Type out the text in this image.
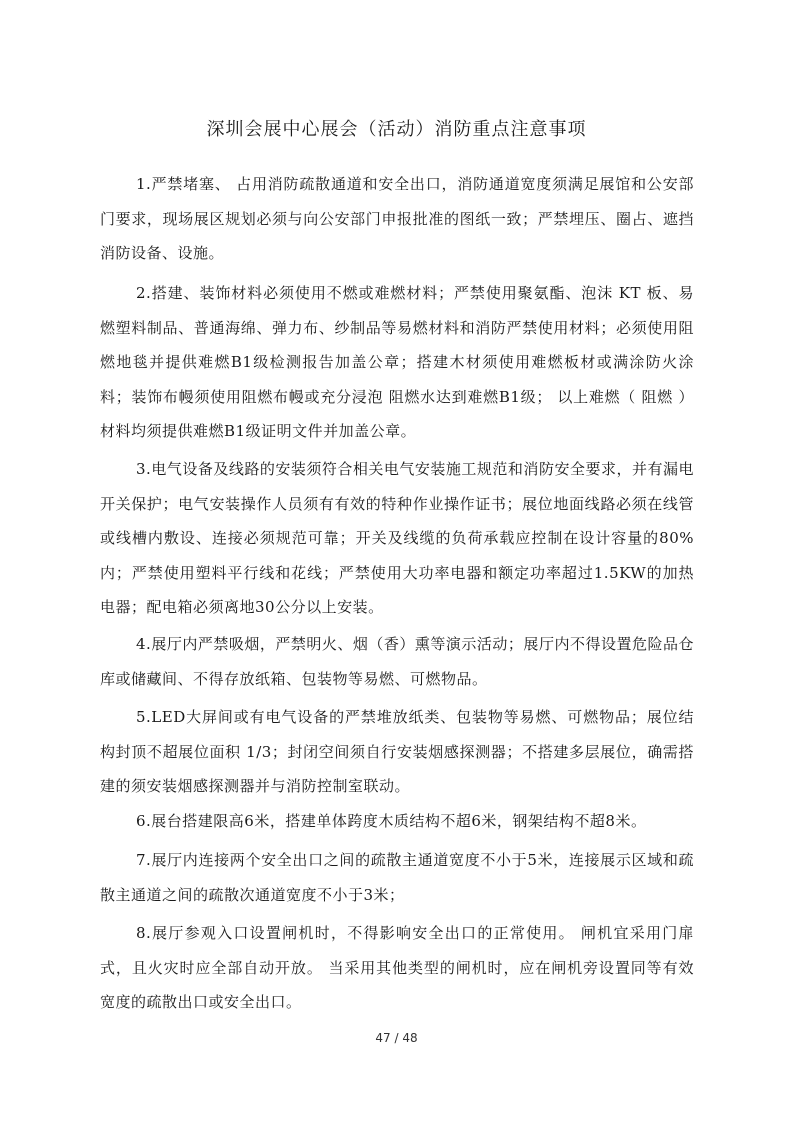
深圳会展中心展会（活动）消防重点注意事项

1.严禁堵塞、 占用消防疏散通道和安全出口，消防通道宽度须满足展馆和公安部门要求，现场展区规划必须与向公安部门申报批准的图纸一致；严禁埋压、圈占、遮挡消防设备、设施。

2.搭建、装饰材料必须使用不燃或难燃材料；严禁使用聚氨酯、泡沫 KT 板、易燃塑料制品、普通海绵、弹力布、纱制品等易燃材料和消防严禁使用材料；必须使用阻燃地毯并提供难燃B1级检测报告加盖公章；搭建木材须使用难燃板材或满涂防火涂料；装饰布幔须使用阻燃布幔或充分浸泡 阻燃水达到难燃B1级； 以上难燃（ 阻燃 ）材料均须提供难燃B1级证明文件并加盖公章。

3.电气设备及线路的安装须符合相关电气安装施工规范和消防安全要求，并有漏电开关保护；电气安装操作人员须有有效的特种作业操作证书；展位地面线路必须在线管或线槽内敷设、连接必须规范可靠；开关及线缆的负荷承载应控制在设计容量的80%内；严禁使用塑料平行线和花线；严禁使用大功率电器和额定功率超过1.5KW的加热电器；配电箱必须离地30公分以上安装。

4.展厅内严禁吸烟，严禁明火、烟（香）熏等演示活动；展厅内不得设置危险品仓库或储藏间、不得存放纸箱、包装物等易燃、可燃物品。

5.LED大屏间或有电气设备的严禁堆放纸类、包装物等易燃、可燃物品；展位结构封顶不超展位面积 1/3；封闭空间须自行安装烟感探测器；不搭建多层展位，确需搭建的须安装烟感探测器并与消防控制室联动。

6.展台搭建限高6米，搭建单体跨度木质结构不超6米，钢架结构不超8米。

7.展厅内连接两个安全出口之间的疏散主通道宽度不小于5米，连接展示区域和疏散主通道之间的疏散次通道宽度不小于3米；

8.展厅参观入口设置闸机时，不得影响安全出口的正常使用。 闸机宜采用门扉式，且火灾时应全部自动开放。 当采用其他类型的闸机时，应在闸机旁设置同等有效宽度的疏散出口或安全出口。

47 / 48
